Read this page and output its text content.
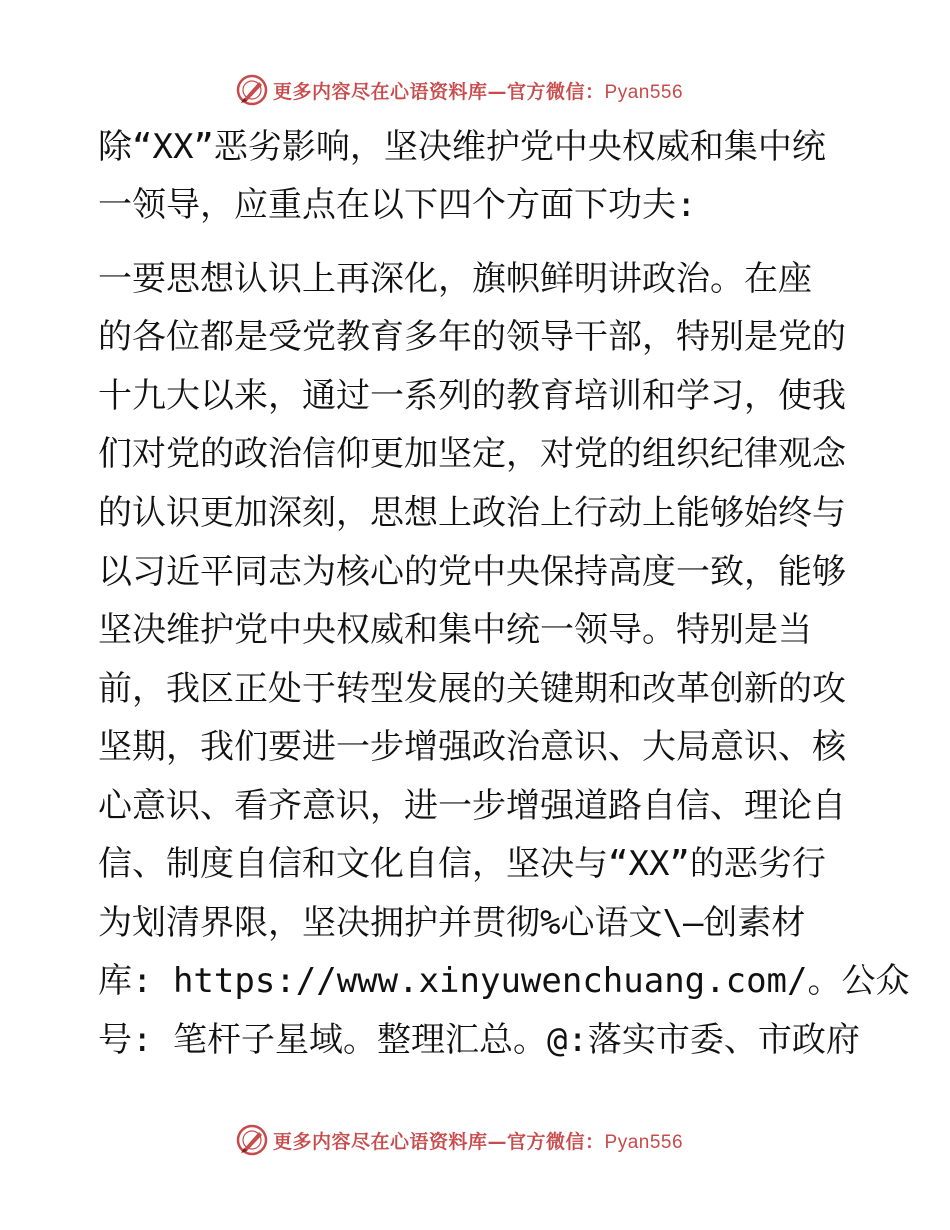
更多内容尽在心语资料库—官方微信：Pyan556
除“XX”恶劣影响，坚决维护党中央权威和集中统
一领导，应重点在以下四个方面下功夫:
一要思想认识上再深化，旗帜鲜明讲政治。在座
的各位都是受党教育多年的领导干部，特别是党的
十九大以来，通过一系列的教育培训和学习，使我
们对党的政治信仰更加坚定，对党的组织纪律观念
的认识更加深刻，思想上政治上行动上能够始终与
以习近平同志为核心的党中央保持高度一致，能够
坚决维护党中央权威和集中统一领导。特别是当
前，我区正处于转型发展的关键期和改革创新的攻
坚期，我们要进一步增强政治意识、大局意识、核
心意识、看齐意识，进一步增强道路自信、理论自
信、制度自信和文化自信，坚决与“XX”的恶劣行
为划清界限，坚决拥护并贯彻%心语文\—创素材
库: https://www.xinyuwenchuang.com/。公众
号: 笔杆子星域。整理汇总。@:落实市委、市政府
更多内容尽在心语资料库—官方微信：Pyan556
